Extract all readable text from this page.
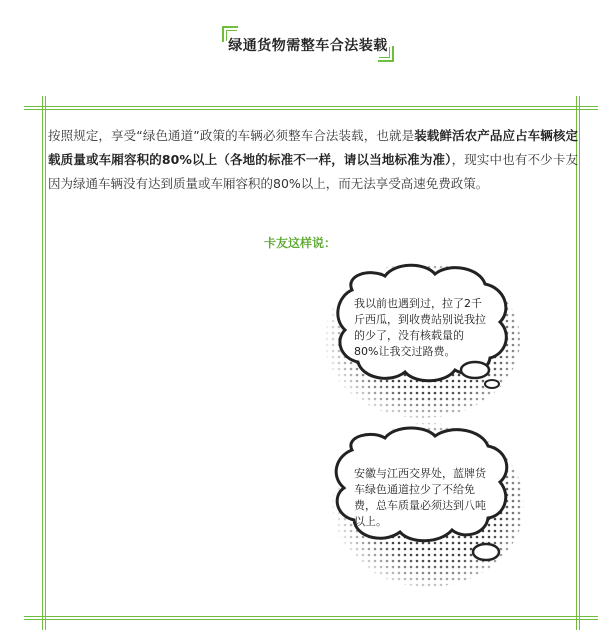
绿通货物需整车合法装载

按照规定，享受“绿色通道”政策的车辆必须整车合法装载，也就是装载鲜活农产品应占车辆核定载质量或车厢容积的80%以上（各地的标准不一样，请以当地标准为准），现实中也有不少卡友因为绿通车辆没有达到质量或车厢容积的80%以上，而无法享受高速免费政策。

卡友这样说：

我以前也遇到过，拉了2千斤西瓜，到收费站别说我拉的少了，没有核载量的80%让我交过路费。

安徽与江西交界处，蓝牌货车绿色通道拉少了不给免费，总车质量必须达到八吨以上。
